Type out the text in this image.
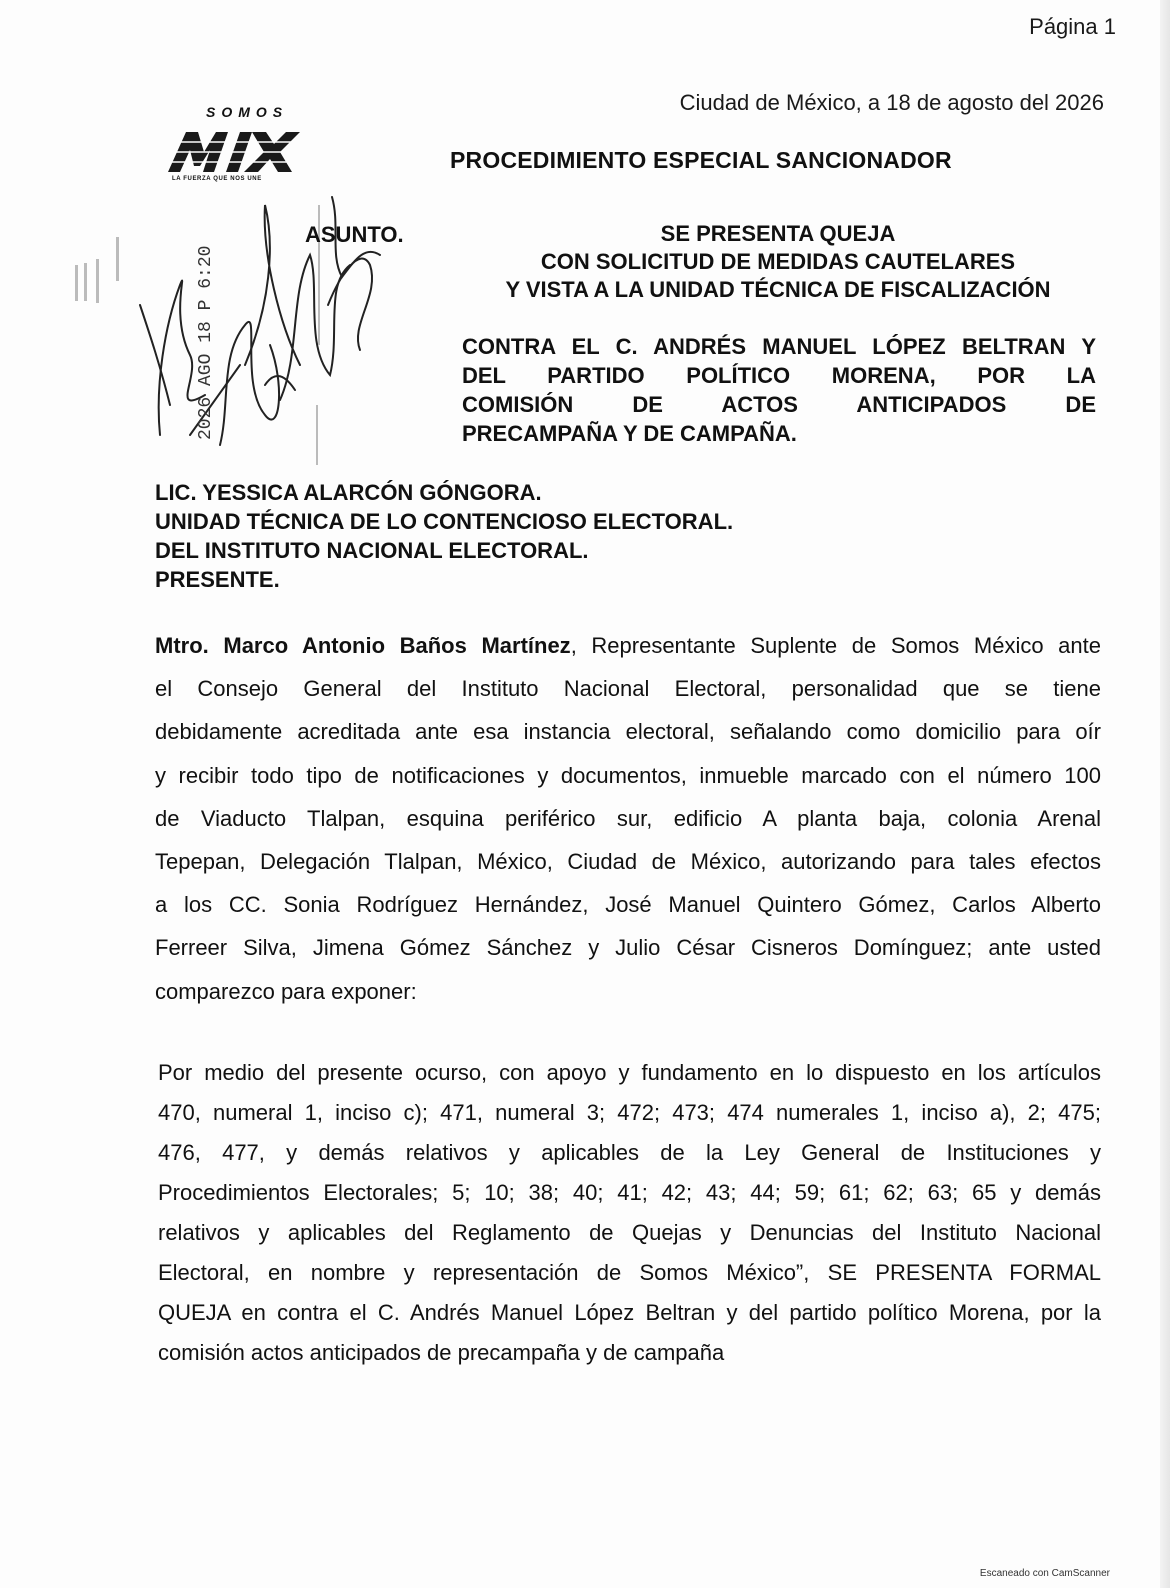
Página 1
Ciudad de México, a 18 de agosto del 2026
SOMOS
LA FUERZA QUE NOS UNE
PROCEDIMIENTO ESPECIAL SANCIONADOR
2026 AGO 18 P 6:20
ASUNTO.	SE PRESENTA QUEJA
CON SOLICITUD DE MEDIDAS CAUTELARES
Y VISTA A LA UNIDAD TÉCNICA DE FISCALIZACIÓN

CONTRA EL C. ANDRÉS MANUEL LÓPEZ BELTRAN Y

DEL PARTIDO POLÍTICO MORENA, POR LA

COMISIÓN DE ACTOS ANTICIPADOS DE

PRECAMPAÑA Y DE CAMPAÑA.

LIC. YESSICA ALARCÓN GÓNGORA.
UNIDAD TÉCNICA DE LO CONTENCIOSO ELECTORAL.
DEL INSTITUTO NACIONAL ELECTORAL.
PRESENTE.

Mtro. Marco Antonio Baños Martínez, Representante Suplente de Somos México ante

el Consejo General del Instituto Nacional Electoral, personalidad que se tiene

debidamente acreditada ante esa instancia electoral, señalando como domicilio para oír

y recibir todo tipo de notificaciones y documentos, inmueble marcado con el número 100

de Viaducto Tlalpan, esquina periférico sur, edificio A planta baja, colonia Arenal

Tepepan, Delegación Tlalpan, México, Ciudad de México, autorizando para tales efectos

a los CC. Sonia Rodríguez Hernández, José Manuel Quintero Gómez, Carlos Alberto

Ferreer Silva, Jimena Gómez Sánchez y Julio César Cisneros Domínguez; ante usted

comparezco para exponer:

Por medio del presente ocurso, con apoyo y fundamento en lo dispuesto en los artículos

470, numeral 1, inciso c); 471, numeral 3; 472; 473; 474 numerales 1, inciso a), 2; 475;

476, 477, y demás relativos y aplicables de la Ley General de Instituciones y

Procedimientos Electorales; 5; 10; 38; 40; 41; 42; 43; 44; 59; 61; 62; 63; 65 y demás

relativos y aplicables del Reglamento de Quejas y Denuncias del Instituto Nacional

Electoral, en nombre y representación de Somos México”, SE PRESENTA FORMAL

QUEJA en contra el C. Andrés Manuel López Beltran y del partido político Morena, por la

comisión actos anticipados de precampaña y de campaña

Escaneado con CamScanner
